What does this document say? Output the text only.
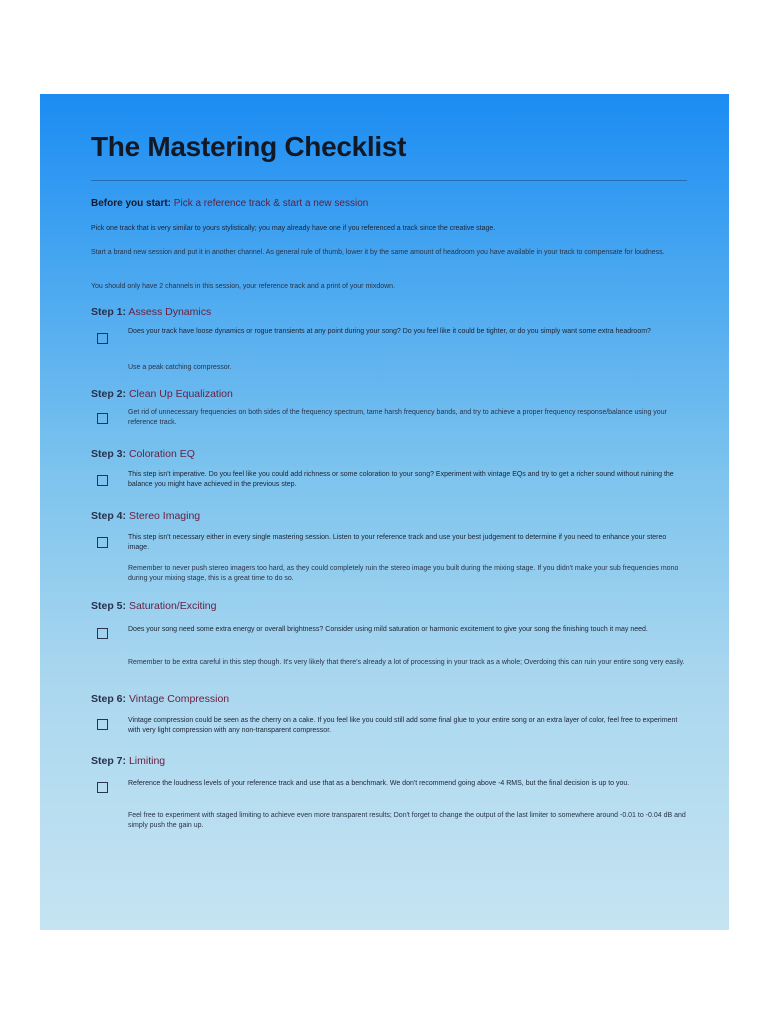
The Mastering Checklist
Before you start: Pick a reference track & start a new session

Pick one track that is very similar to yours stylistically; you may already have one if you referenced a track since the creative stage.

Start a brand new session and put it in another channel. As general rule of thumb, lower it by the same amount of headroom you have available in your track to compensate for loudness.

You should only have 2 channels in this session, your reference track and a print of your mixdown.

Step 1: Assess Dynamics

Does your track have loose dynamics or rogue transients at any point during your song? Do you feel like it could be tighter, or do you simply want some extra headroom?

Use a peak catching compressor.

Step 2: Clean Up Equalization

Get rid of unnecessary frequencies on both sides of the frequency spectrum, tame harsh frequency bands, and try to achieve a proper frequency response/balance using your reference track.

Step 3: Coloration EQ

This step isn't imperative. Do you feel like you could add richness or some coloration to your song? Experiment with vintage EQs and try to get a richer sound without ruining the balance you might have achieved in the previous step.

Step 4: Stereo Imaging

This step isn't necessary either in every single mastering session. Listen to your reference track and use your best judgement to determine if you need to enhance your stereo image.

Remember to never push stereo imagers too hard, as they could completely ruin the stereo image you built during the mixing stage. If you didn't make your sub frequencies mono during your mixing stage, this is a great time to do so.

Step 5: Saturation/Exciting

Does your song need some extra energy or overall brightness? Consider using mild saturation or harmonic excitement to give your song the finishing touch it may need.

Remember to be extra careful in this step though. It's very likely that there's already a lot of processing in your track as a whole; Overdoing this can ruin your entire song very easily.

Step 6: Vintage Compression

Vintage compression could be seen as the cherry on a cake. If you feel like you could still add some final glue to your entire song or an extra layer of color, feel free to experiment with very light compression with any non-transparent compressor.

Step 7: Limiting

Reference the loudness levels of your reference track and use that as a benchmark. We don't recommend going above -4 RMS, but the final decision is up to you.

Feel free to experiment with staged limiting to achieve even more transparent results; Don't forget to change the output of the last limiter to somewhere around -0.01 to -0.04 dB and simply push the gain up.
